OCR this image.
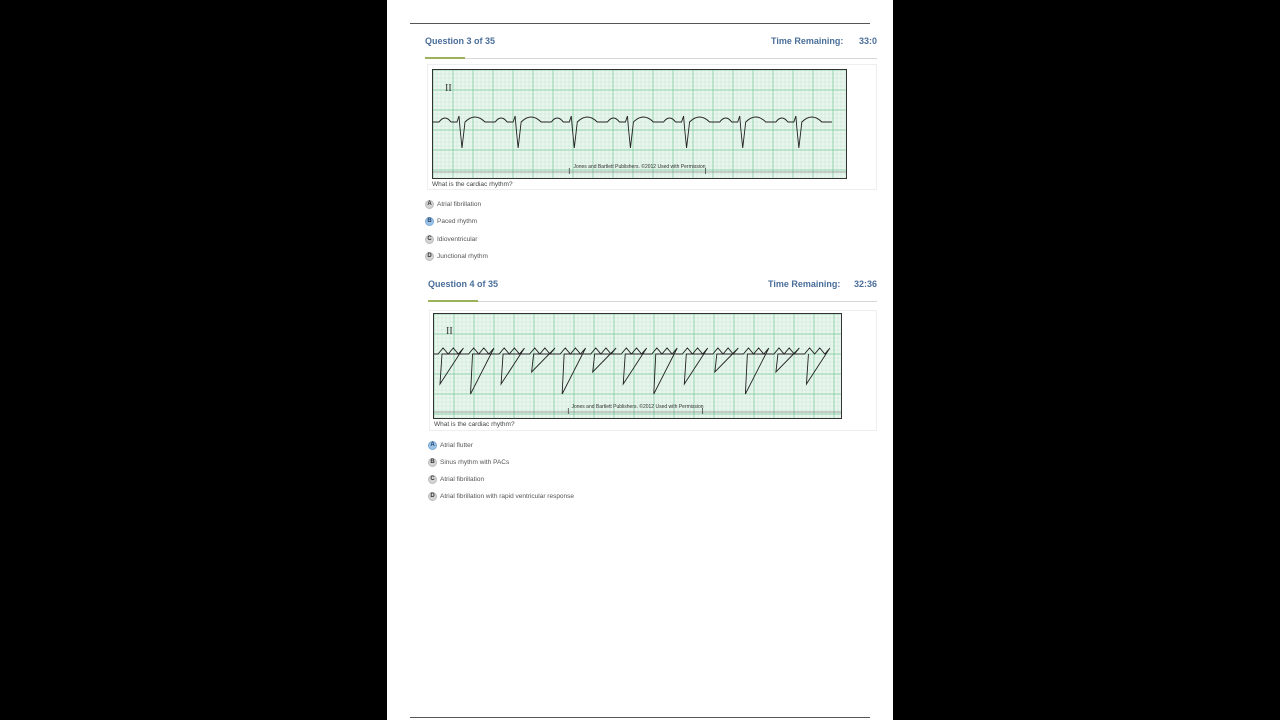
Question 3 of 35	Time Remaining: 33:0
II
Jones and Bartlett Publishers. ©2012 Used with Permission
What is the cardiac rhythm?
A Atrial fibrillation
B Paced rhythm
C Idioventricular
D Junctional rhythm
Question 4 of 35	Time Remaining: 32:36
II
Jones and Bartlett Publishers. ©2012 Used with Permission
What is the cardiac rhythm?
A Atrial flutter
B Sinus rhythm with PACs
C Atrial fibrillation
D Atrial fibrillation with rapid ventricular response
